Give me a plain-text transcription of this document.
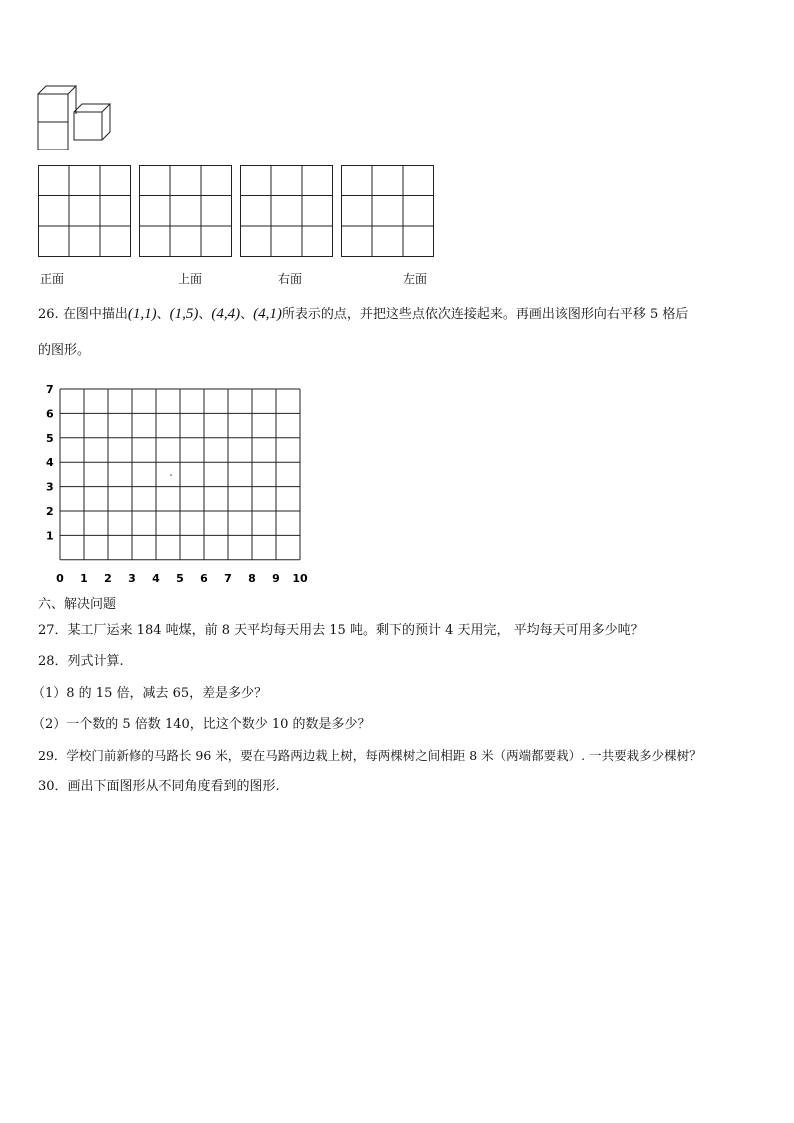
正面	上面	右面	左面
26. 在图中描出(1,1)、(1,5)、(4,4)、(4,1)所表示的点，并把这些点依次连接起来。再画出该图形向右平移 5 格后
的图形。
7
6
5
4
3
2
1
0 1 2 3 4 5 6 7 8 9 10
六、解决问题
27．某工厂运来 184 吨煤，前 8 天平均每天用去 15 吨。剩下的预计 4 天用完， 平均每天可用多少吨？
28．列式计算.
（1）8 的 15 倍，减去 65，差是多少？
（2）一个数的 5 倍数 140，比这个数少 10 的数是多少？
29．学校门前新修的马路长 96 米，要在马路两边栽上树，每两棵树之间相距 8 米（两端都要栽）. 一共要栽多少棵树？
30．画出下面图形从不同角度看到的图形.
